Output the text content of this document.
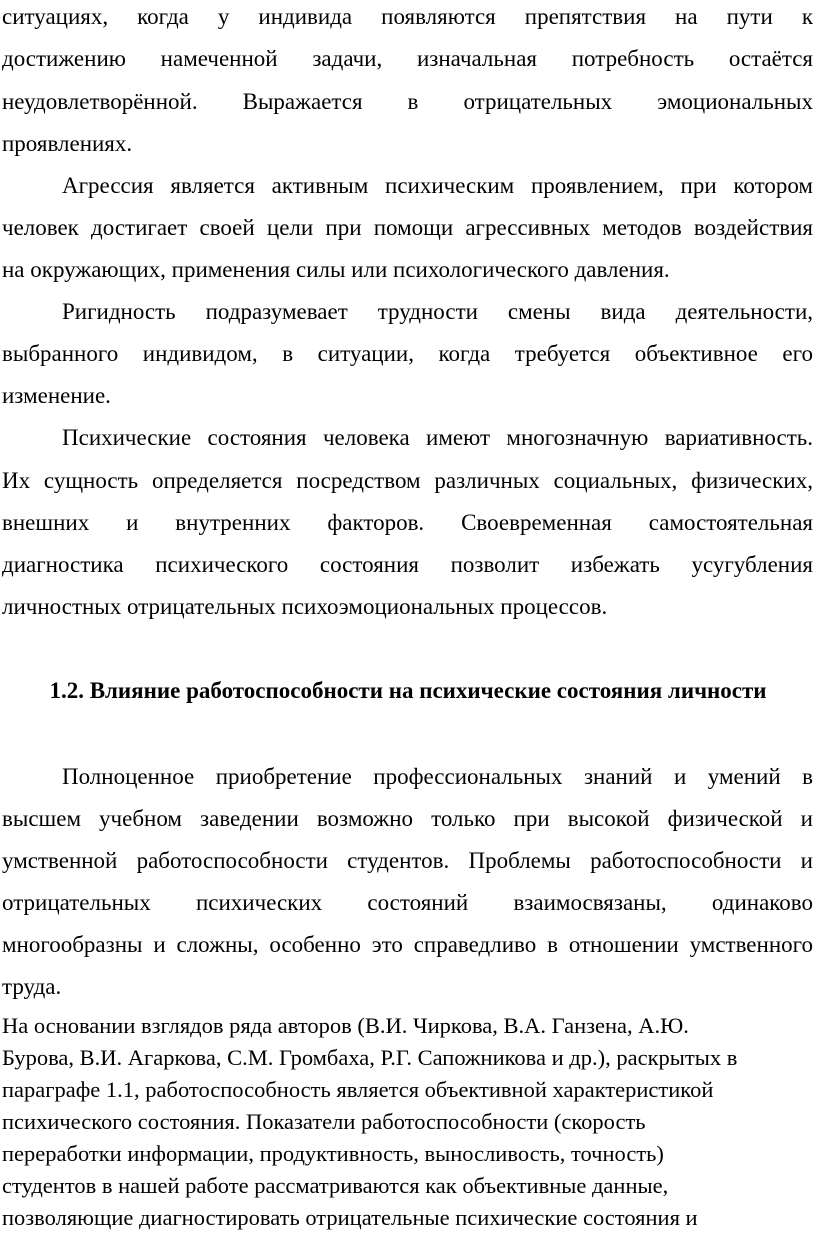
ситуациях, когда у индивида появляются препятствия на пути к
достижению намеченной задачи, изначальная потребность остаётся
неудовлетворённой. Выражается в отрицательных эмоциональных
проявлениях.
Агрессия является активным психическим проявлением, при котором
человек достигает своей цели при помощи агрессивных методов воздействия
на окружающих, применения силы или психологического давления.
Ригидность подразумевает трудности смены вида деятельности,
выбранного индивидом, в ситуации, когда требуется объективное его
изменение.
Психические состояния человека имеют многозначную вариативность.
Их сущность определяется посредством различных социальных, физических,
внешних и внутренних факторов. Своевременная самостоятельная
диагностика психического состояния позволит избежать усугубления
личностных отрицательных психоэмоциональных процессов.
1.2. Влияние работоспособности на психические состояния личности
Полноценное приобретение профессиональных знаний и умений в
высшем учебном заведении возможно только при высокой физической и
умственной работоспособности студентов. Проблемы работоспособности и
отрицательных психических состояний взаимосвязаны, одинаково
многообразны и сложны, особенно это справедливо в отношении умственного
труда.
На основании взглядов ряда авторов (В.И. Чиркова, В.А. Ганзена, А.Ю.
Бурова, В.И. Агаркова, С.М. Громбаха, Р.Г. Сапожникова и др.), раскрытых в
параграфе 1.1, работоспособность является объективной характеристикой
психического состояния. Показатели работоспособности (скорость
переработки информации, продуктивность, выносливость, точность)
студентов в нашей работе рассматриваются как объективные данные,
позволяющие диагностировать отрицательные психические состояния и
